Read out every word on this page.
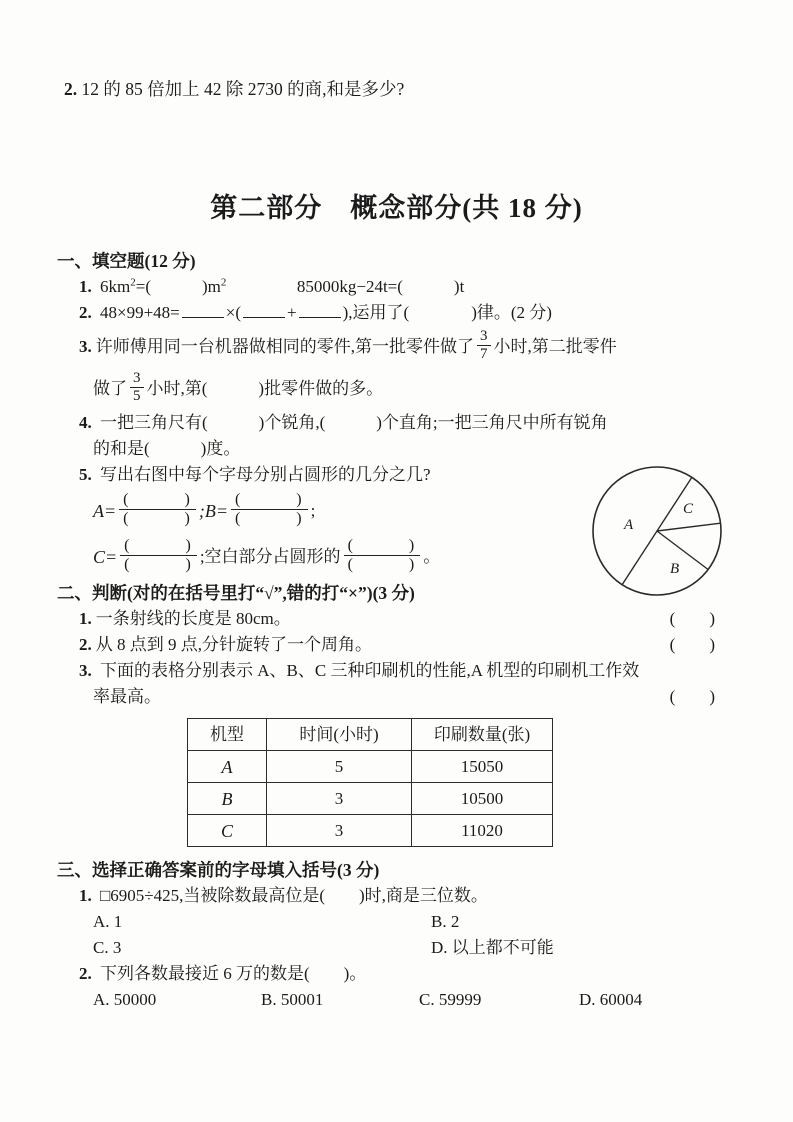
2. 12 的 85 倍加上 42 除 2730 的商,和是多少?
第二部分　概念部分(共 18 分)
一、填空题(12 分)
1. $6km^2=$(　　　)$m^2$	85000kg−24t=(　　　)t
2. 48×99+48=	×(	+	),运用了(	)律。(2 分)
3. 许师傅用同一台机器做相同的零件,第一批零件做了 $\frac{3}{7}$ 小时,第二批零件
做了 $\frac{3}{5}$ 小时,第(　　　)批零件做的多。
4. 一把三角尺有(　　　)个锐角,(　　　)个直角;一把三角尺中所有锐角
的和是(　　　)度。
5. 写出右图中每个字母分别占圆形的几分之几?
$A= \frac{( )}{( )}$ ;B= $\frac{( )}{( )}$ ;
$C= \frac{( )}{( )}$ ;空白部分占圆形的 $\frac{( )}{( )}$ 。
二、判断(对的在括号里打“√”,错的打“×”)(3 分)
1. 一条射线的长度是 80cm。	(　　)
2. 从 8 点到 9 点,分针旋转了一个周角。	(　　)
3. 下面的表格分别表示 A、B、C 三种印刷机的性能,A 机型的印刷机工作效
率最高。	(　　)
机型	时间(小时)	印刷数量(张)
A	5	15050
B	3	10500
C	3	11020
三、选择正确答案前的字母填入括号(3 分)
1. □6905÷425,当被除数最高位是(　　)时,商是三位数。
A. 1	B. 2
C. 3	D. 以上都不可能
2. 下列各数最接近 6 万的数是(　　)。
A. 50000	B. 50001	C. 59999	D. 60004
A
C
B
